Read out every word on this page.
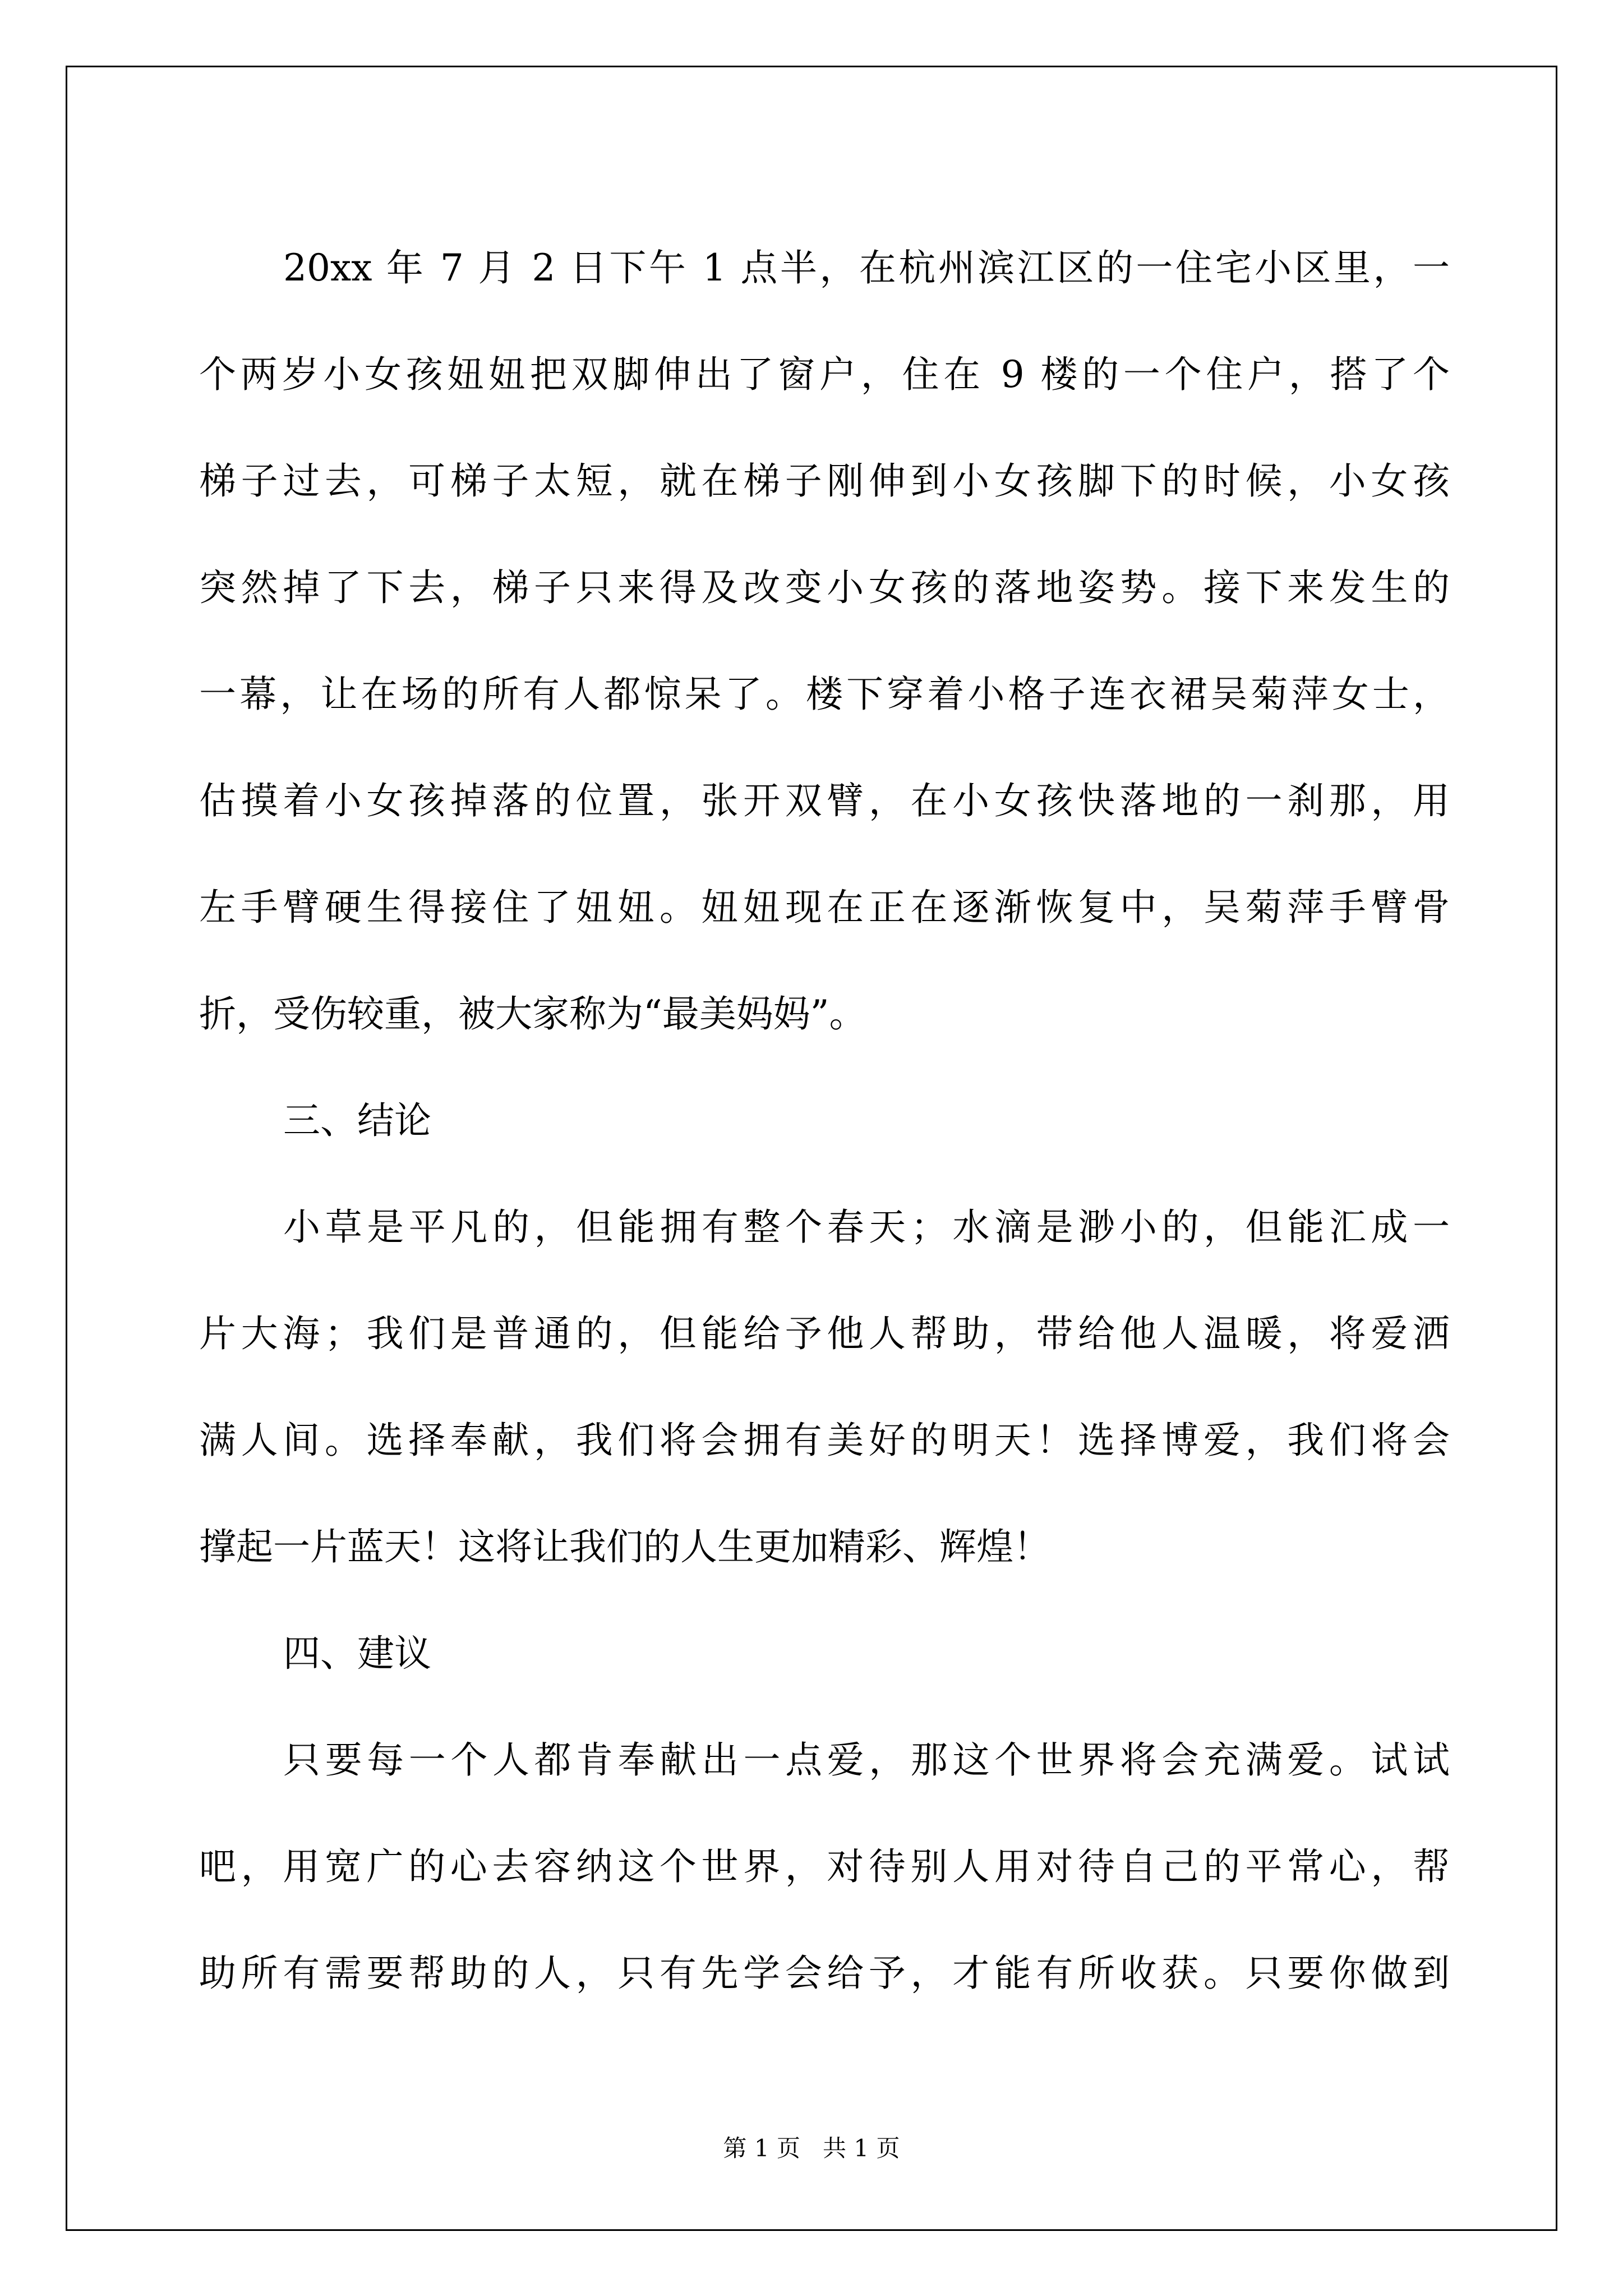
20xx 年 7 月 2 日下午 1 点半，在杭州滨江区的一住宅小区里，一
个两岁小女孩妞妞把双脚伸出了窗户，住在 9 楼的一个住户，搭了个
梯子过去，可梯子太短，就在梯子刚伸到小女孩脚下的时候，小女孩
突然掉了下去，梯子只来得及改变小女孩的落地姿势。接下来发生的
一幕，让在场的所有人都惊呆了。楼下穿着小格子连衣裙吴菊萍女士，
估摸着小女孩掉落的位置，张开双臂，在小女孩快落地的一刹那，用
左手臂硬生得接住了妞妞。妞妞现在正在逐渐恢复中，吴菊萍手臂骨
折，受伤较重，被大家称为“最美妈妈”。
三、结论
小草是平凡的，但能拥有整个春天；水滴是渺小的，但能汇成一
片大海；我们是普通的，但能给予他人帮助，带给他人温暖，将爱洒
满人间。选择奉献，我们将会拥有美好的明天！选择博爱，我们将会
撑起一片蓝天！这将让我们的人生更加精彩、辉煌！
四、建议
只要每一个人都肯奉献出一点爱，那这个世界将会充满爱。试试
吧，用宽广的心去容纳这个世界，对待别人用对待自己的平常心，帮
助所有需要帮助的人，只有先学会给予，才能有所收获。只要你做到
第 1 页   共 1 页
